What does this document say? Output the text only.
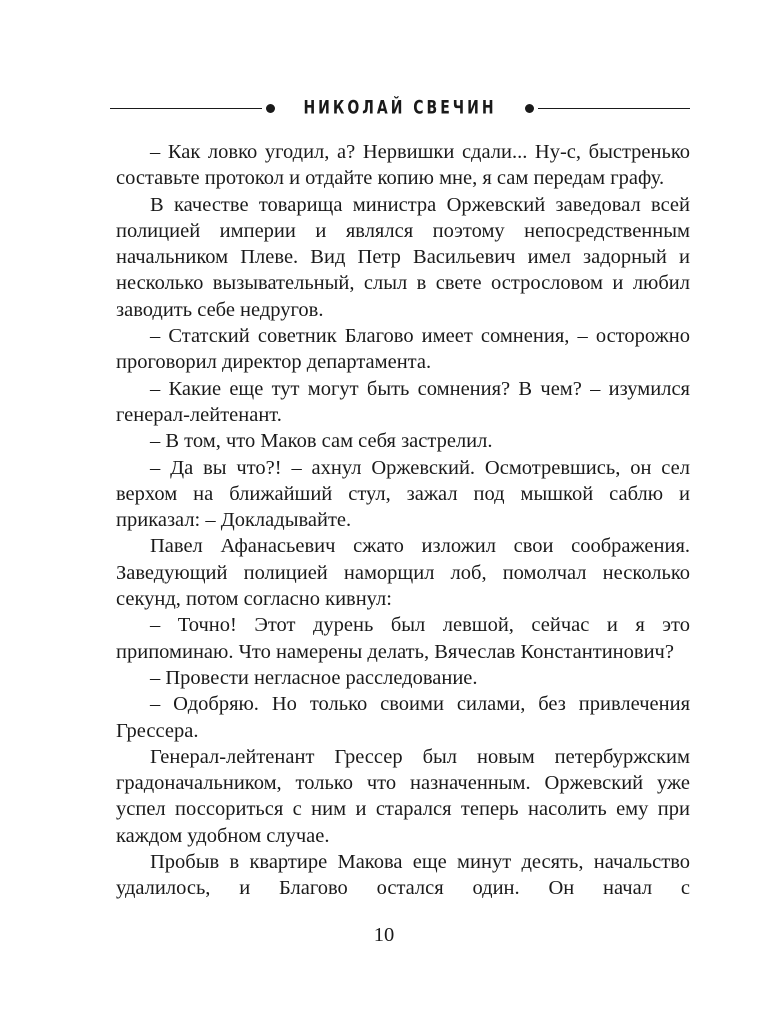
НИКОЛАЙ СВЕЧИН

– Как ловко угодил, а? Нервишки сдали... Ну-с, быстренько составьте протокол и отдайте копию мне, я сам передам графу.

В качестве товарища министра Оржевский заведовал всей полицией империи и являлся поэтому непосредственным начальником Плеве. Вид Петр Васильевич имел задорный и несколько вызывательный, слыл в свете острословом и любил заводить себе недругов.

– Статский советник Благово имеет сомнения, – осторожно проговорил директор департамента.

– Какие еще тут могут быть сомнения? В чем? – изумился генерал-лейтенант.

– В том, что Маков сам себя застрелил.

– Да вы что?! – ахнул Оржевский. Осмотревшись, он сел верхом на ближайший стул, зажал под мышкой саблю и приказал: – Докладывайте.

Павел Афанасьевич сжато изложил свои соображения. Заведующий полицией наморщил лоб, помолчал несколько секунд, потом согласно кивнул:

– Точно! Этот дурень был левшой, сейчас и я это припоминаю. Что намерены делать, Вячеслав Константинович?

– Провести негласное расследование.

– Одобряю. Но только своими силами, без привлечения Грессера.

Генерал-лейтенант Грессер был новым петербуржским градоначальником, только что назначенным. Оржевский уже успел поссориться с ним и старался теперь насолить ему при каждом удобном случае.

Пробыв в квартире Макова еще минут десять, начальство удалилось, и Благово остался один. Он начал с

10
